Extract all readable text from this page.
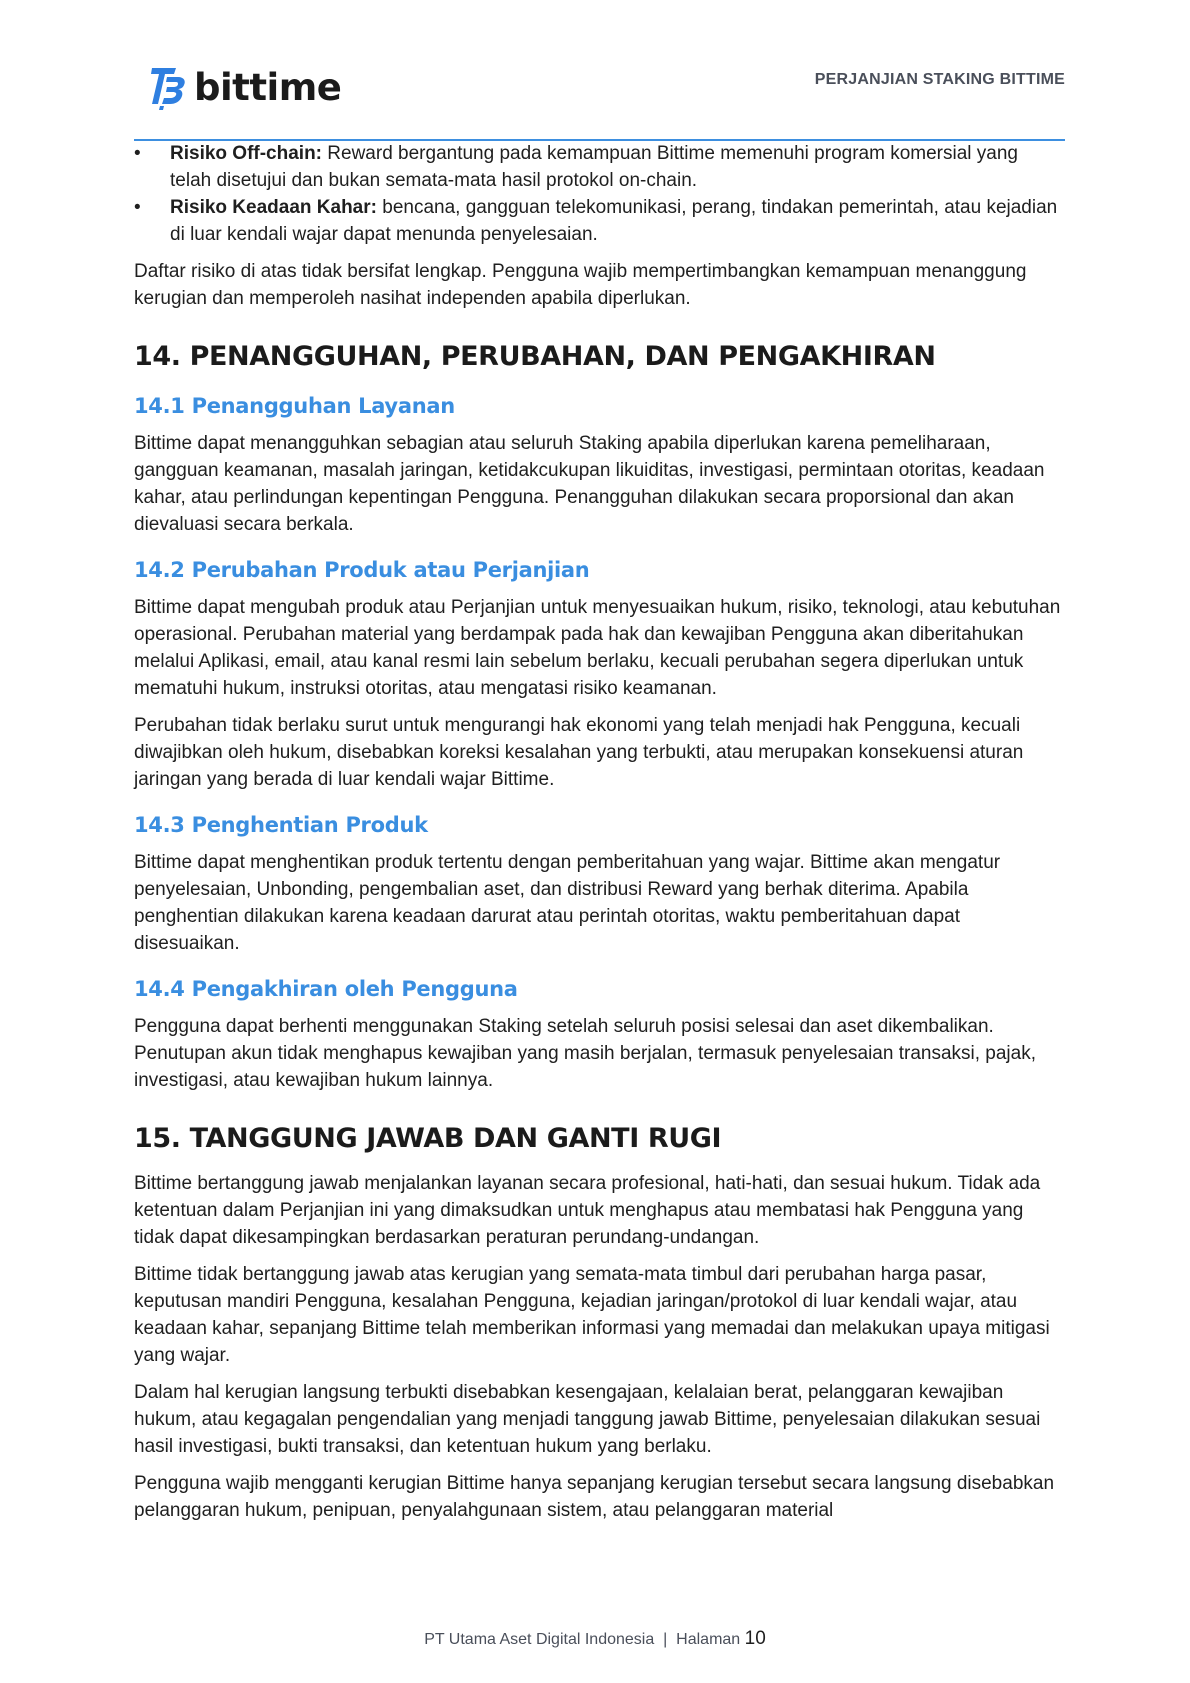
bittime	PERJANJIAN STAKING BITTIME
• Risiko Off-chain: Reward bergantung pada kemampuan Bittime memenuhi program komersial yang telah disetujui dan bukan semata-mata hasil protokol on-chain.
• Risiko Keadaan Kahar: bencana, gangguan telekomunikasi, perang, tindakan pemerintah, atau kejadian di luar kendali wajar dapat menunda penyelesaian.

Daftar risiko di atas tidak bersifat lengkap. Pengguna wajib mempertimbangkan kemampuan menanggung kerugian dan memperoleh nasihat independen apabila diperlukan.

14. PENANGGUHAN, PERUBAHAN, DAN PENGAKHIRAN
14.1 Penangguhan Layanan

Bittime dapat menangguhkan sebagian atau seluruh Staking apabila diperlukan karena pemeliharaan, gangguan keamanan, masalah jaringan, ketidakcukupan likuiditas, investigasi, permintaan otoritas, keadaan kahar, atau perlindungan kepentingan Pengguna. Penangguhan dilakukan secara proporsional dan akan dievaluasi secara berkala.

14.2 Perubahan Produk atau Perjanjian

Bittime dapat mengubah produk atau Perjanjian untuk menyesuaikan hukum, risiko, teknologi, atau kebutuhan operasional. Perubahan material yang berdampak pada hak dan kewajiban Pengguna akan diberitahukan melalui Aplikasi, email, atau kanal resmi lain sebelum berlaku, kecuali perubahan segera diperlukan untuk mematuhi hukum, instruksi otoritas, atau mengatasi risiko keamanan.

Perubahan tidak berlaku surut untuk mengurangi hak ekonomi yang telah menjadi hak Pengguna, kecuali diwajibkan oleh hukum, disebabkan koreksi kesalahan yang terbukti, atau merupakan konsekuensi aturan jaringan yang berada di luar kendali wajar Bittime.

14.3 Penghentian Produk

Bittime dapat menghentikan produk tertentu dengan pemberitahuan yang wajar. Bittime akan mengatur penyelesaian, Unbonding, pengembalian aset, dan distribusi Reward yang berhak diterima. Apabila penghentian dilakukan karena keadaan darurat atau perintah otoritas, waktu pemberitahuan dapat disesuaikan.

14.4 Pengakhiran oleh Pengguna

Pengguna dapat berhenti menggunakan Staking setelah seluruh posisi selesai dan aset dikembalikan. Penutupan akun tidak menghapus kewajiban yang masih berjalan, termasuk penyelesaian transaksi, pajak, investigasi, atau kewajiban hukum lainnya.

15. TANGGUNG JAWAB DAN GANTI RUGI

Bittime bertanggung jawab menjalankan layanan secara profesional, hati-hati, dan sesuai hukum. Tidak ada ketentuan dalam Perjanjian ini yang dimaksudkan untuk menghapus atau membatasi hak Pengguna yang tidak dapat dikesampingkan berdasarkan peraturan perundang-undangan.

Bittime tidak bertanggung jawab atas kerugian yang semata-mata timbul dari perubahan harga pasar, keputusan mandiri Pengguna, kesalahan Pengguna, kejadian jaringan/protokol di luar kendali wajar, atau keadaan kahar, sepanjang Bittime telah memberikan informasi yang memadai dan melakukan upaya mitigasi yang wajar.

Dalam hal kerugian langsung terbukti disebabkan kesengajaan, kelalaian berat, pelanggaran kewajiban hukum, atau kegagalan pengendalian yang menjadi tanggung jawab Bittime, penyelesaian dilakukan sesuai hasil investigasi, bukti transaksi, dan ketentuan hukum yang berlaku.

Pengguna wajib mengganti kerugian Bittime hanya sepanjang kerugian tersebut secara langsung disebabkan pelanggaran hukum, penipuan, penyalahgunaan sistem, atau pelanggaran material

PT Utama Aset Digital Indonesia | Halaman 10
